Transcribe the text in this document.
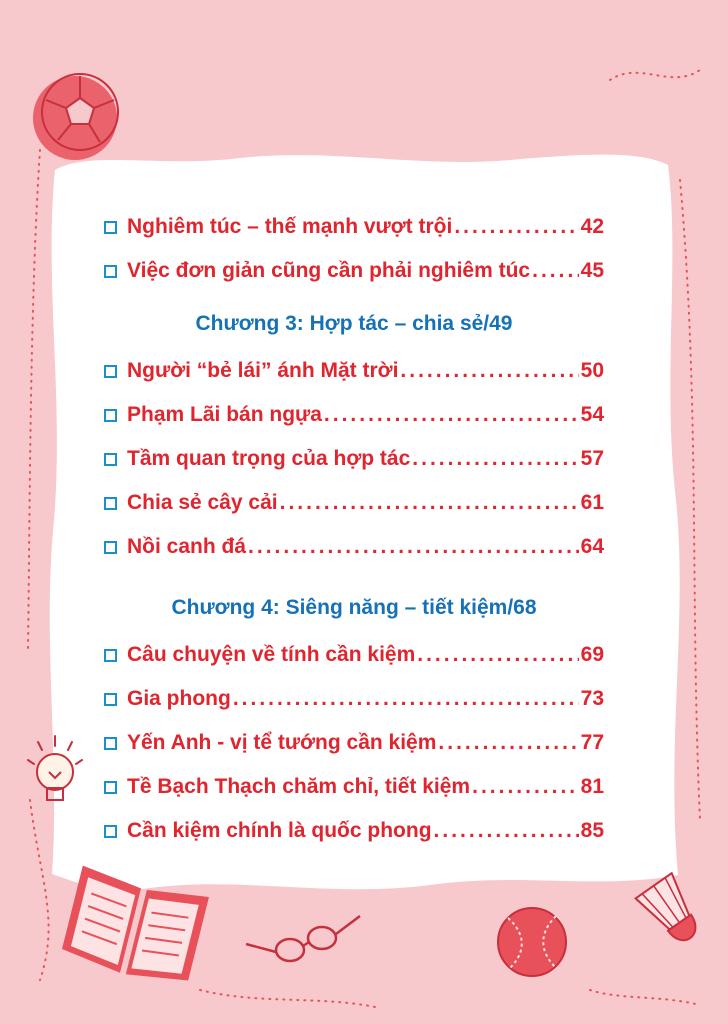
Nghiêm túc – thế mạnh vượt trội .....	42
Việc đơn giản cũng cần phải nghiêm túc ..... 45
Chương 3: Hợp tác – chia sẻ/49
Người “bẻ lái” ánh Mặt trời .....	50
Phạm Lãi bán ngựa .....	54
Tầm quan trọng của hợp tác .....	57
Chia sẻ cây cải .....	61
Nồi canh đá .....	64
Chương 4: Siêng năng – tiết kiệm/68
Câu chuyện về tính cần kiệm .....	69
Gia phong .....	73
Yến Anh - vị tể tướng cần kiệm .....	77
Tề Bạch Thạch chăm chỉ, tiết kiệm .....	81
Cần kiệm chính là quốc phong .....	85
